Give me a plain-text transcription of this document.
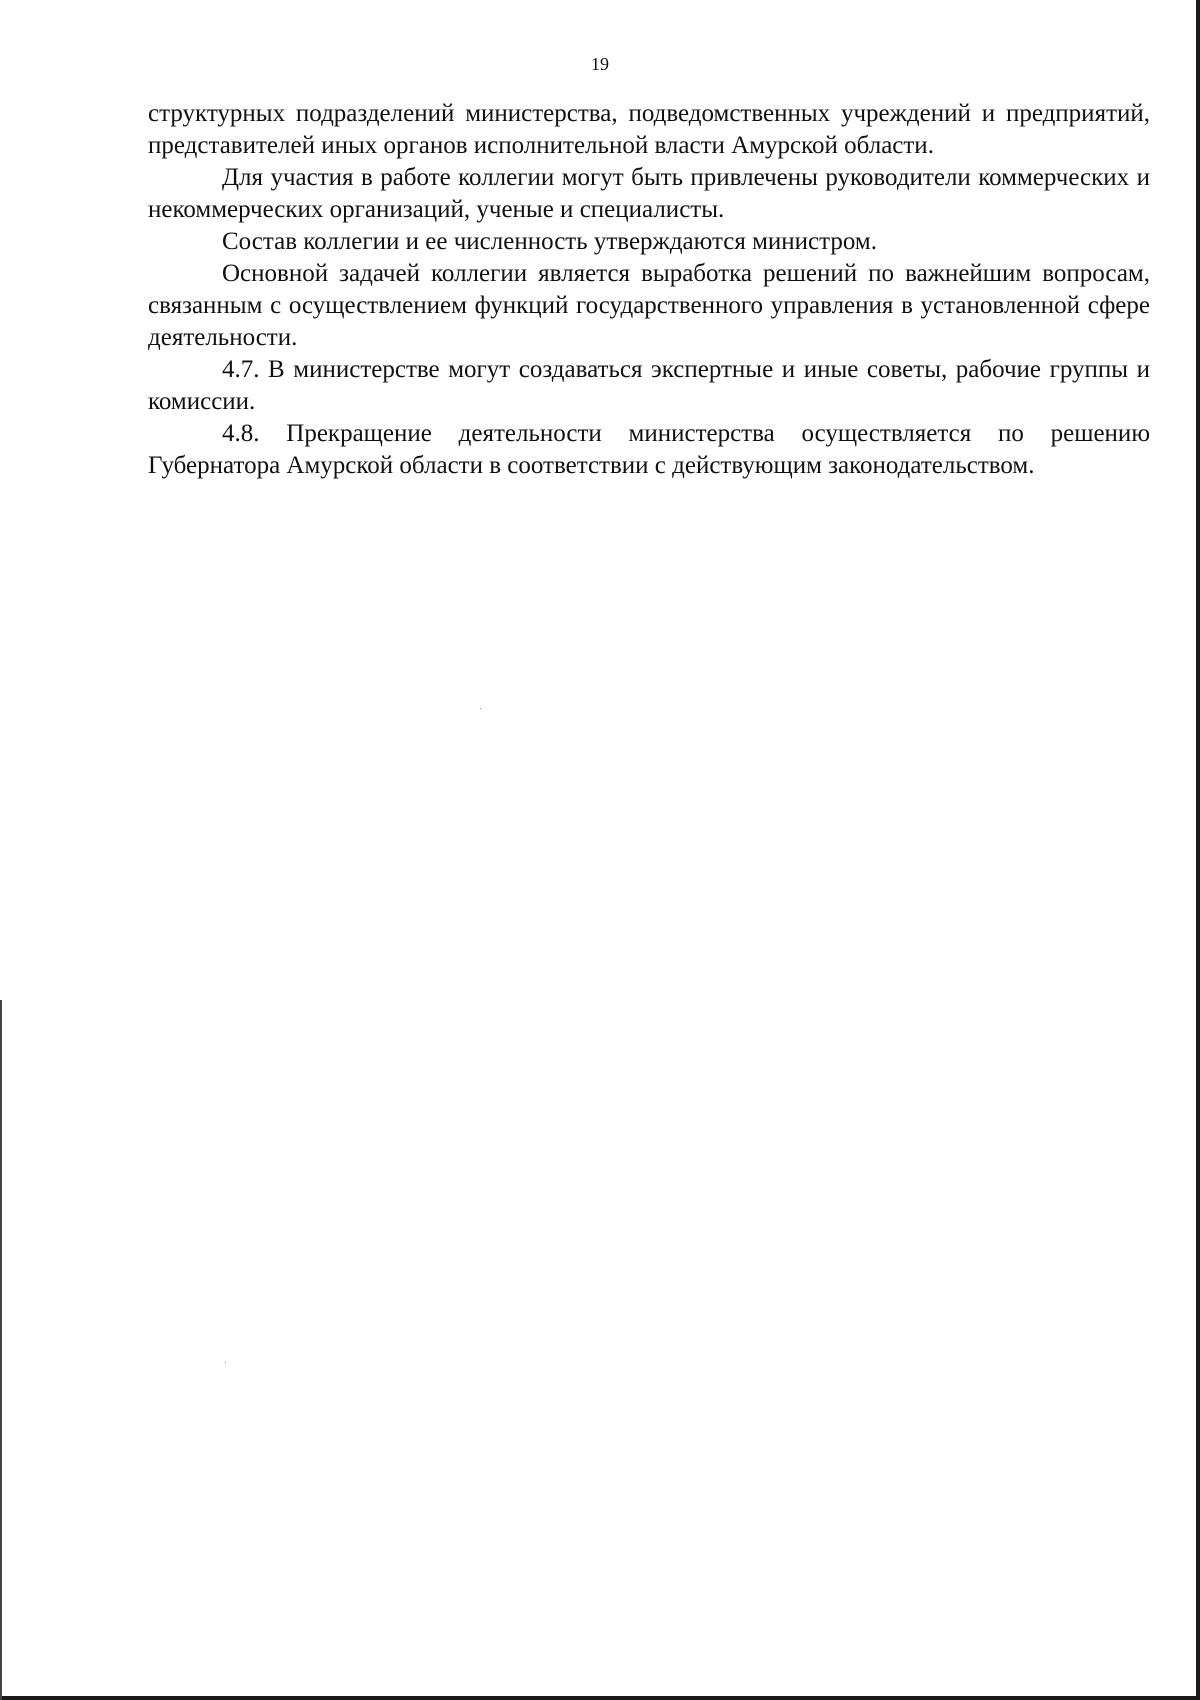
19

структурных подразделений министерства, подведомственных учреждений и предприятий, представителей иных органов исполнительной власти Амурской области.

Для участия в работе коллегии могут быть привлечены руководители коммерческих и некоммерческих организаций, ученые и специалисты.

Состав коллегии и ее численность утверждаются министром.

Основной задачей коллегии является выработка решений по важнейшим вопросам, связанным с осуществлением функций государственного управления в установленной сфере деятельности.

4.7. В министерстве могут создаваться экспертные и иные советы, рабочие группы и комиссии.

4.8. Прекращение деятельности министерства осуществляется по решению Губернатора Амурской области в соответствии с действующим законодательством.
